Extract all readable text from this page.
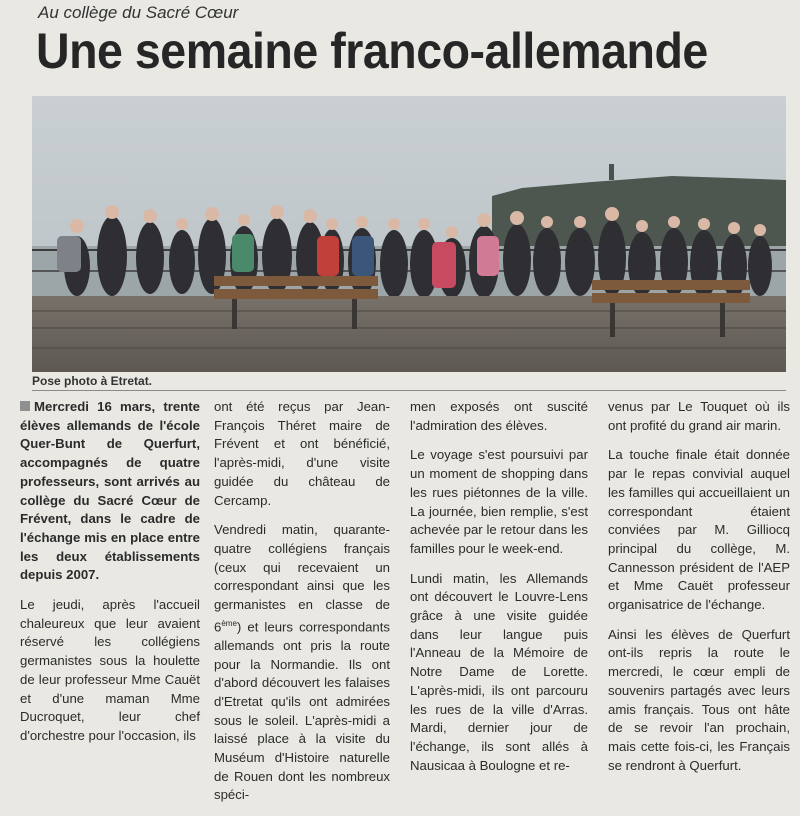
Au collège du Sacré Cœur
Une semaine franco-allemande
Pose photo à Etretat.

Mercredi 16 mars, trente élèves allemands de l'école Quer-Bunt de Querfurt, accompagnés de quatre professeurs, sont arrivés au collège du Sacré Cœur de Frévent, dans le cadre de l'échange mis en place entre les deux établissements depuis 2007.

Le jeudi, après l'accueil chaleureux que leur avaient réservé les collégiens germanistes sous la houlette de leur professeur Mme Cauët et d'une maman Mme Ducroquet, leur chef d'orchestre pour l'occasion, ils

ont été reçus par Jean-François Théret maire de Frévent et ont bénéficié, l'après-midi, d'une visite guidée du château de Cercamp.

Vendredi matin, quarante-quatre collégiens français (ceux qui recevaient un correspondant ainsi que les germanistes en classe de 6ème) et leurs correspondants allemands ont pris la route pour la Normandie. Ils ont d'abord découvert les falaises d'Etretat qu'ils ont admirées sous le soleil. L'après-midi a laissé place à la visite du Muséum d'Histoire naturelle de Rouen dont les nombreux spéci-

men exposés ont suscité l'admiration des élèves.

Le voyage s'est poursuivi par un moment de shopping dans les rues piétonnes de la ville. La journée, bien remplie, s'est achevée par le retour dans les familles pour le week-end.

Lundi matin, les Allemands ont découvert le Louvre-Lens grâce à une visite guidée dans leur langue puis l'Anneau de la Mémoire de Notre Dame de Lorette. L'après-midi, ils ont parcouru les rues de la ville d'Arras. Mardi, dernier jour de l'échange, ils sont allés à Nausicaa à Boulogne et re-

venus par Le Touquet où ils ont profité du grand air marin.

La touche finale était donnée par le repas convivial auquel les familles qui accueillaient un correspondant étaient conviées par M. Gilliocq principal du collège, M. Cannesson président de l'AEP et Mme Cauët professeur organisatrice de l'échange.

Ainsi les élèves de Querfurt ont-ils repris la route le mercredi, le cœur empli de souvenirs partagés avec leurs amis français. Tous ont hâte de se revoir l'an prochain, mais cette fois-ci, les Français se rendront à Querfurt.
